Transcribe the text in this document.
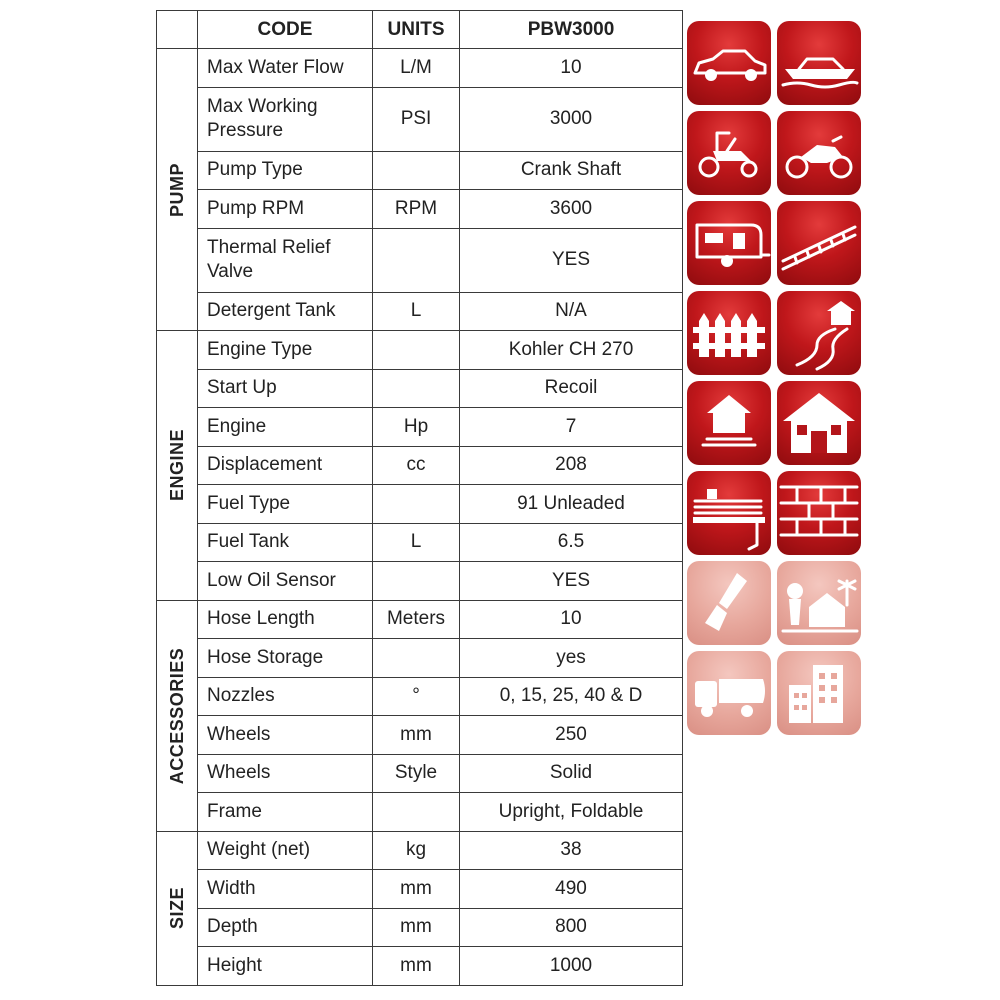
	CODE	UNITS	PBW3000

PUMP	Max Water Flow	L/M	10
	Max Working Pressure	PSI	3000
	Pump Type		Crank Shaft
	Pump RPM	RPM	3600
	Thermal Relief Valve		YES
	Detergent Tank	L	N/A

ENGINE	Engine Type		Kohler CH 270
	Start Up		Recoil
	Engine	Hp	7
	Displacement	cc	208
	Fuel Type		91 Unleaded
	Fuel Tank	L	6.5
	Low Oil Sensor		YES

ACCESSORIES	Hose Length	Meters	10
	Hose Storage		yes
	Nozzles	°	0, 15, 25, 40 & D
	Wheels	mm	250
	Wheels	Style	Solid
	Frame		Upright, Foldable

SIZE	Weight (net)	kg	38
	Width	mm	490
	Depth	mm	800
	Height	mm	1000
